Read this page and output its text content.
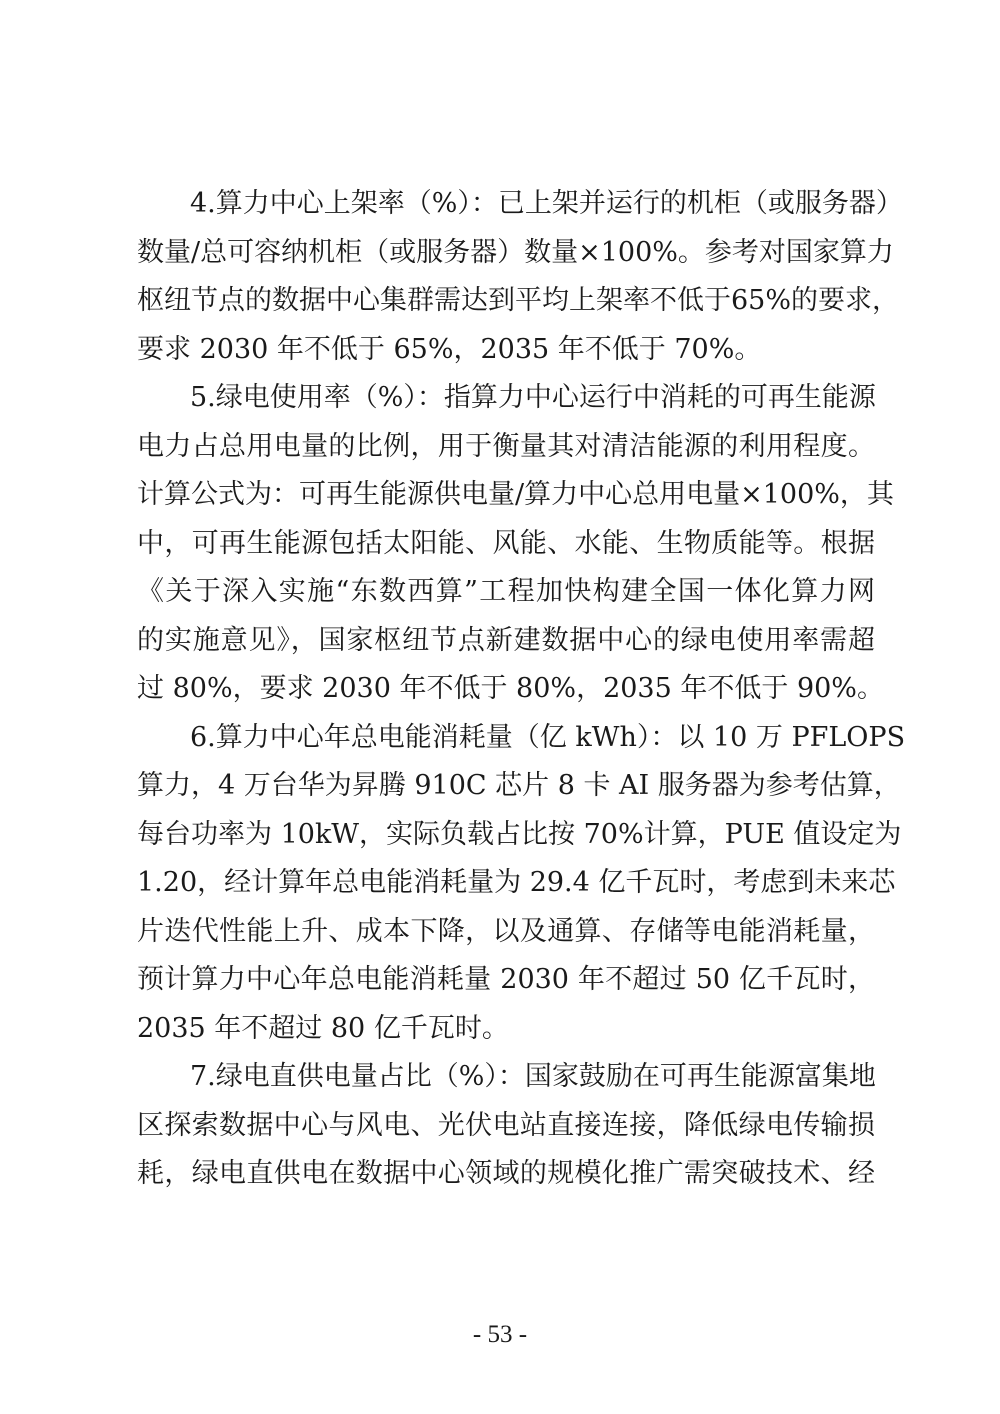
4.算力中心上架率（%）：已上架并运行的机柜（或服务器）
数量/总可容纳机柜（或服务器）数量×100%。参考对国家算力
枢纽节点的数据中心集群需达到平均上架率不低于65%的要求，
要求 2030 年不低于 65%，2035 年不低于 70%。
5.绿电使用率（%）：指算力中心运行中消耗的可再生能源
电力占总用电量的比例，用于衡量其对清洁能源的利用程度。
计算公式为：可再生能源供电量/算力中心总用电量×100%，其
中，可再生能源包括太阳能、风能、水能、生物质能等。根据
《关于深入实施“东数西算”工程加快构建全国一体化算力网
的实施意见》，国家枢纽节点新建数据中心的绿电使用率需超
过 80%，要求 2030 年不低于 80%，2035 年不低于 90%。
6.算力中心年总电能消耗量（亿 kWh）：以 10 万 PFLOPS
算力，4 万台华为昇腾 910C 芯片 8 卡 AI 服务器为参考估算，
每台功率为 10kW，实际负载占比按 70%计算，PUE 值设定为
1.20，经计算年总电能消耗量为 29.4 亿千瓦时，考虑到未来芯
片迭代性能上升、成本下降，以及通算、存储等电能消耗量，
预计算力中心年总电能消耗量 2030 年不超过 50 亿千瓦时，
2035 年不超过 80 亿千瓦时。
7.绿电直供电量占比（%）：国家鼓励在可再生能源富集地
区探索数据中心与风电、光伏电站直接连接，降低绿电传输损
耗，绿电直供电在数据中心领域的规模化推广需突破技术、经
- 53 -
